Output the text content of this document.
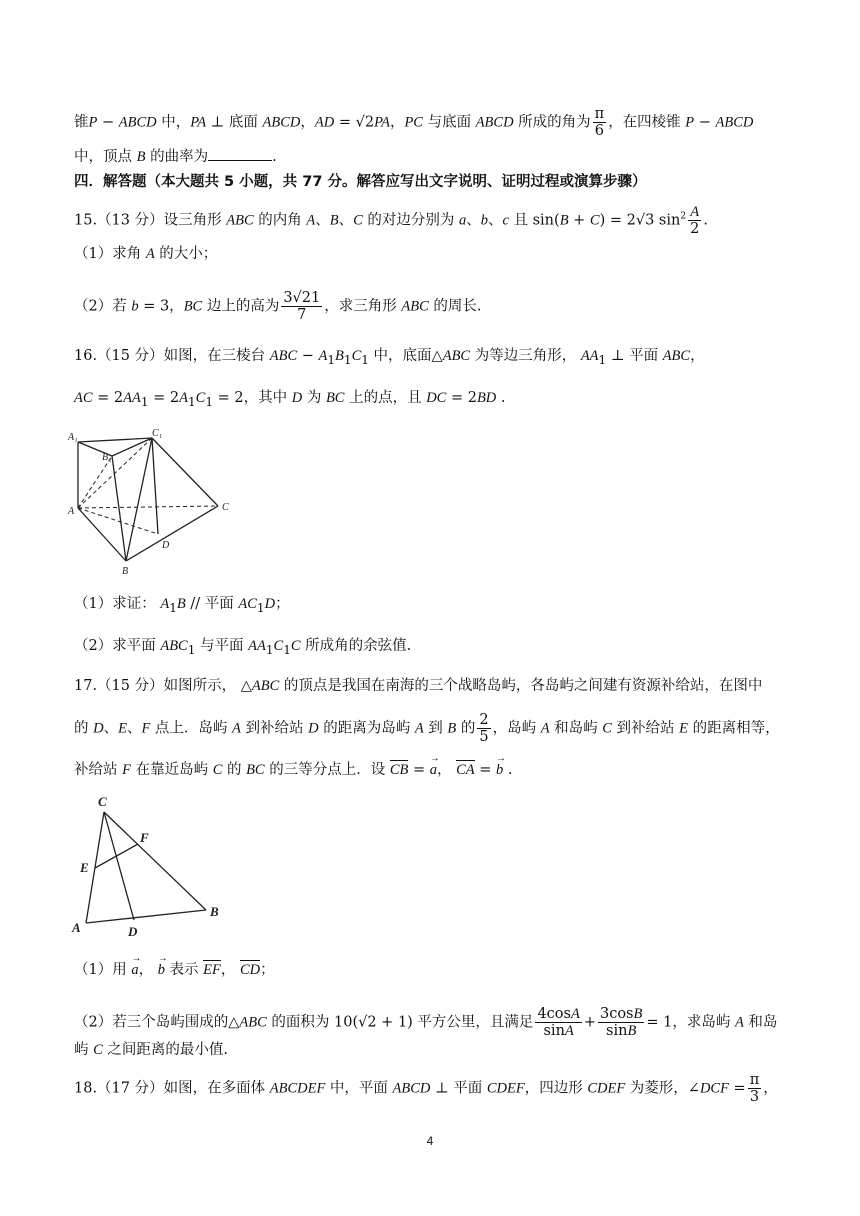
锥P − ABCD 中，PA ⊥ 底面 ABCD，AD = √2PA，PC 与底面 ABCD 所成的角为 $\frac{\pi}{6}$ ，在四棱锥 P − ABCD
中，顶点 B 的曲率为	.
四．解答题（本大题共 5 小题，共 77 分。解答应写出文字说明、证明过程或演算步骤）
15.（13 分）设三角形 ABC 的内角 A、B、C 的对边分别为 a、b、c 且 sin(B + C) = 2√3 $\sin^2 \frac{A}{2}$ .
（1）求角 A 的大小；
（2）若 b = 3，BC 边上的高为 $\frac{3√21}{7}$ ，求三角形 ABC 的周长.
16.（15 分）如图，在三棱台 ABC − $A_1B_1C_1$ 中，底面△ABC 为等边三角形， $AA_1$ ⊥ 平面 ABC，
AC = $2AA_1 = 2A_1C_1 = 2$，其中 D 为 BC 上的点，且 DC = 2BD .
A₁	C₁
B₁
A	C
D
B
（1）求证： $A_1B$ // 平面 $AC_1D$；
（2）求平面 $ABC_1$ 与平面 $AA_1C_1C$ 所成角的余弦值.
17.（15 分）如图所示， △ABC 的顶点是我国在南海的三个战略岛屿，各岛屿之间建有资源补给站，在图中
的 D、E、F 点上．岛屿 A 到补给站 D 的距离为岛屿 A 到 B 的 $\frac{2}{5}$ ，岛屿 A 和岛屿 C 到补给站 E 的距离相等，
补给站 F 在靠近岛屿 C 的 BC 的三等分点上．设 CB = → a， CA = → b .
C
F
E
A	D
B
（1）用 → a， → b 表示 EF， CD；
（2）若三个岛屿围成的△ABC 的面积为 10(√2 + 1) 平方公里，且满足 $\frac{4\cos A}{\sin A} + \frac{3\cos B}{\sin B} = 1$，求岛屿 A 和岛
屿 C 之间距离的最小值.
18.（17 分）如图，在多面体 ABCDEF 中，平面 ABCD ⊥ 平面 CDEF，四边形 CDEF 为菱形，∠DCF = $\frac{\pi}{3}$ ，
4
